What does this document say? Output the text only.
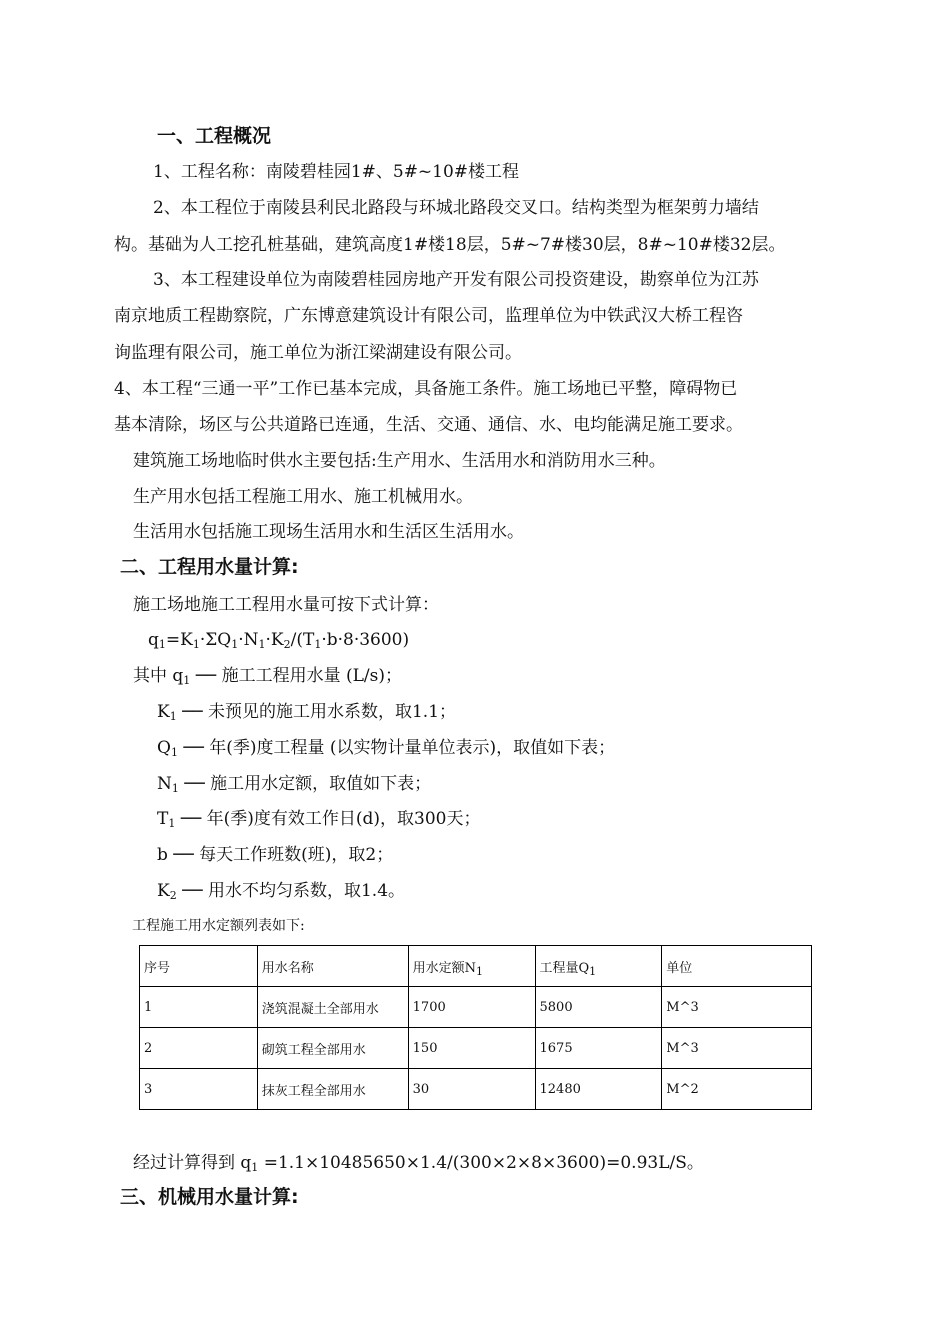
一、工程概况
1、工程名称：南陵碧桂园1#、5#~10#楼工程
2、本工程位于南陵县利民北路段与环城北路段交叉口。结构类型为框架剪力墙结
构。基础为人工挖孔桩基础，建筑高度1#楼18层，5#~7#楼30层，8#~10#楼32层。
3、本工程建设单位为南陵碧桂园房地产开发有限公司投资建设，勘察单位为江苏
南京地质工程勘察院，广东博意建筑设计有限公司，监理单位为中铁武汉大桥工程咨
询监理有限公司，施工单位为浙江梁湖建设有限公司。
4、本工程“三通一平”工作已基本完成，具备施工条件。施工场地已平整，障碍物已
基本清除，场区与公共道路已连通，生活、交通、通信、水、电均能满足施工要求。
建筑施工场地临时供水主要包括:生产用水、生活用水和消防用水三种。
生产用水包括工程施工用水、施工机械用水。
生活用水包括施工现场生活用水和生活区生活用水。
二、工程用水量计算:
施工场地施工工程用水量可按下式计算：
$q_1=K_1\cdot\Sigma Q_1\cdot N_1\cdot K_2/(T_1\cdot b\cdot 8\cdot 3600)$
其中 $q_1$ ── 施工工程用水量 (L/s)；
$K_1$ ── 未预见的施工用水系数，取1.1；
$Q_1$ ── 年(季)度工程量 (以实物计量单位表示)，取值如下表；
$N_1$ ── 施工用水定额，取值如下表；
$T_1$ ── 年(季)度有效工作日(d)，取300天；
b ── 每天工作班数(班)，取2；
$K_2$ ── 用水不均匀系数，取1.4。
工程施工用水定额列表如下:
序号	用水名称	用水定额$N_1$	工程量$Q_1$	单位
1	浇筑混凝土全部用水	1700	5800	M^3
2	砌筑工程全部用水	150	1675	M^3
3	抹灰工程全部用水	30	12480	M^2
经过计算得到 $q_1 =1.1\times 10485650\times 1.4/(300\times 2\times 8\times 3600)=0.93L/S$。
三、机械用水量计算:
